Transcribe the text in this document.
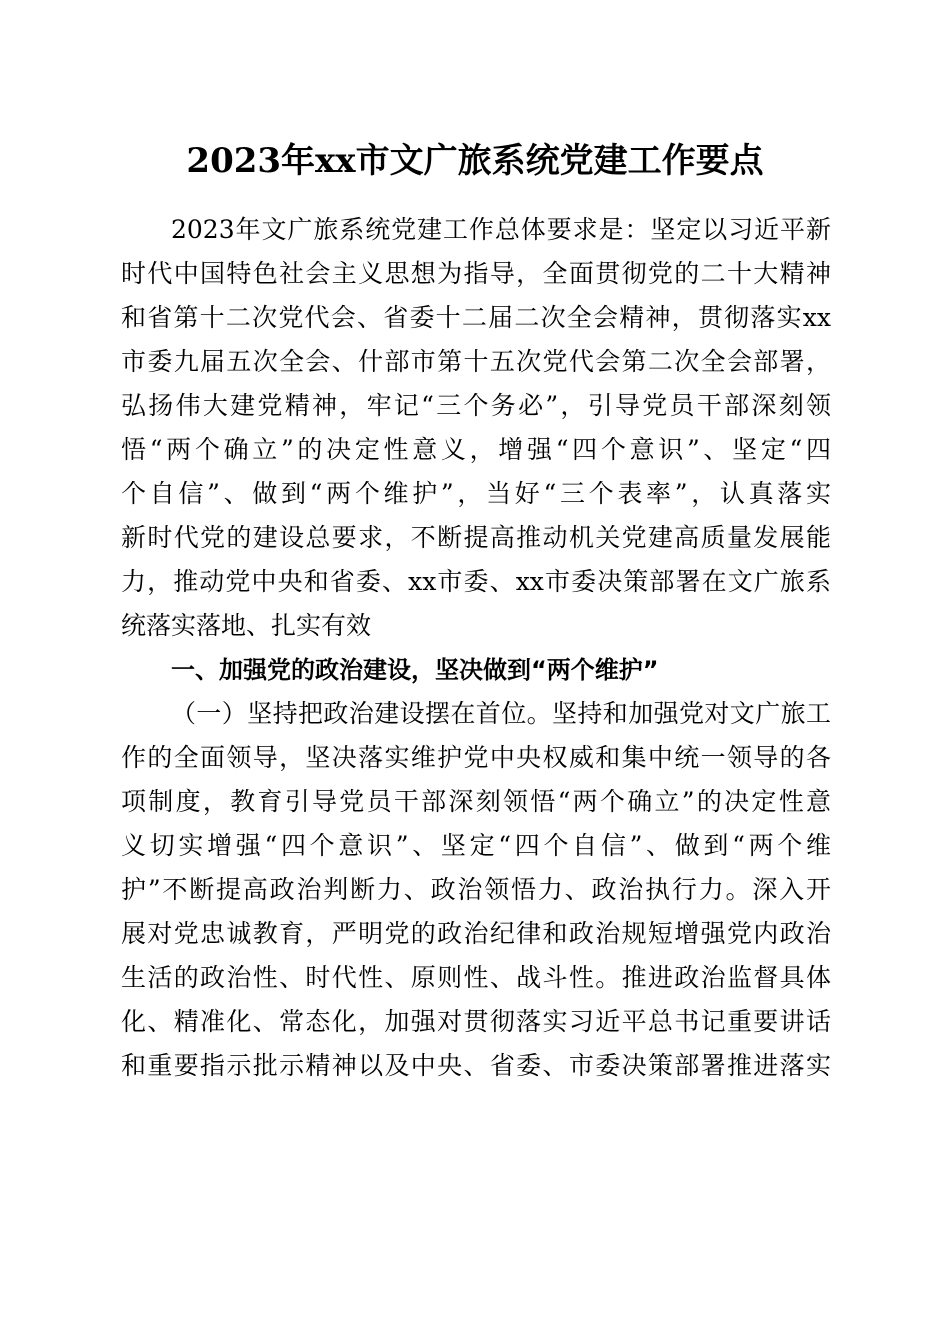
2023年xx市文广旅系统党建工作要点
2023年文广旅系统党建工作总体要求是：坚定以习近平新
时代中国特色社会主义思想为指导，全面贯彻党的二十大精神
和省第十二次党代会、省委十二届二次全会精神，贯彻落实xx
市委九届五次全会、什部市第十五次党代会第二次全会部署，
弘扬伟大建党精神，牢记“三个务必”，引导党员干部深刻领
悟“两个确立”的决定性意义，增强“四个意识”、坚定“四
个自信”、做到“两个维护”，当好“三个表率”，认真落实
新时代党的建设总要求，不断提高推动机关党建高质量发展能
力，推动党中央和省委、xx市委、xx市委决策部署在文广旅系
统落实落地、扎实有效
一、加强党的政治建设，坚决做到“两个维护”
（一）坚持把政治建设摆在首位。坚持和加强党对文广旅工
作的全面领导，坚决落实维护党中央权威和集中统一领导的各
项制度，教育引导党员干部深刻领悟“两个确立”的决定性意
义切实增强“四个意识”、坚定“四个自信”、做到“两个维
护”不断提高政治判断力、政治领悟力、政治执行力。深入开
展对党忠诚教育，严明党的政治纪律和政治规短增强党内政治
生活的政治性、时代性、原则性、战斗性。推进政治监督具体
化、精准化、常态化，加强对贯彻落实习近平总书记重要讲话
和重要指示批示精神以及中央、省委、市委决策部署推进落实
